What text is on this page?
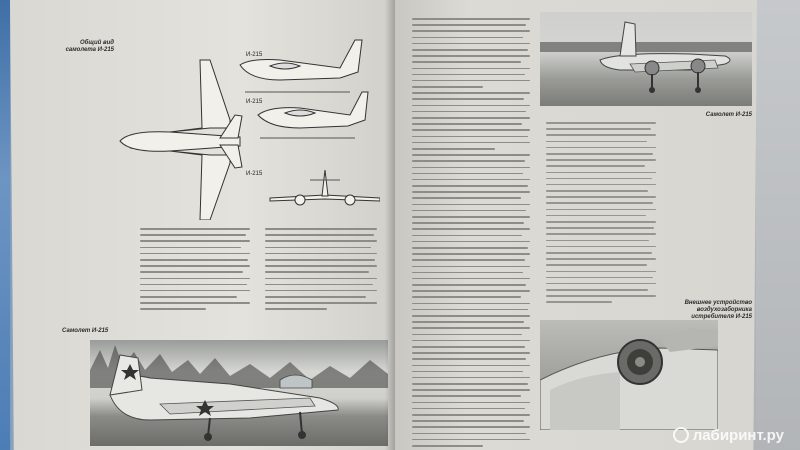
Общий вид самолета И-215
И-215
И-215
И-215
Самолет И-215
Самолет И-215
Внешнее устройство воздухозаборника истребителя И-215
лабиринт.ру
